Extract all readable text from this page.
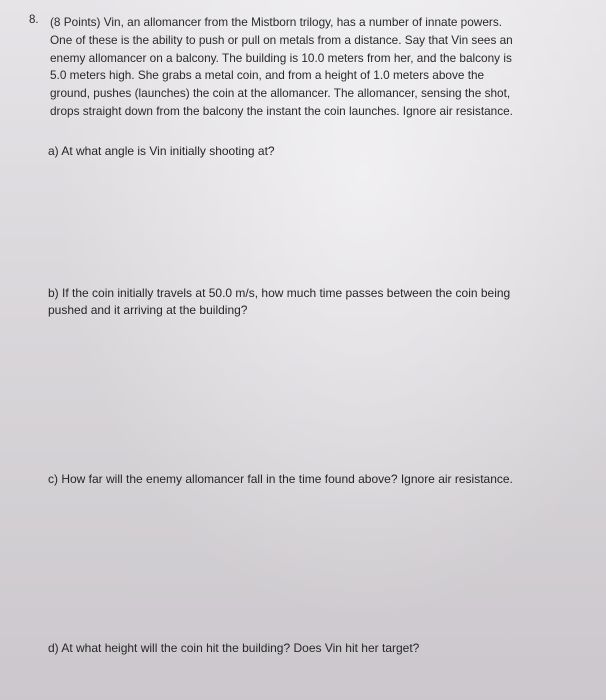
8. (8 Points) Vin, an allomancer from the Mistborn trilogy, has a number of innate powers.
One of these is the ability to push or pull on metals from a distance. Say that Vin sees an
enemy allomancer on a balcony. The building is 10.0 meters from her, and the balcony is
5.0 meters high. She grabs a metal coin, and from a height of 1.0 meters above the
ground, pushes (launches) the coin at the allomancer. The allomancer, sensing the shot,
drops straight down from the balcony the instant the coin launches. Ignore air resistance.
a) At what angle is Vin initially shooting at?
b) If the coin initially travels at 50.0 m/s, how much time passes between the coin being
pushed and it arriving at the building?
c) How far will the enemy allomancer fall in the time found above? Ignore air resistance.
d) At what height will the coin hit the building? Does Vin hit her target?
